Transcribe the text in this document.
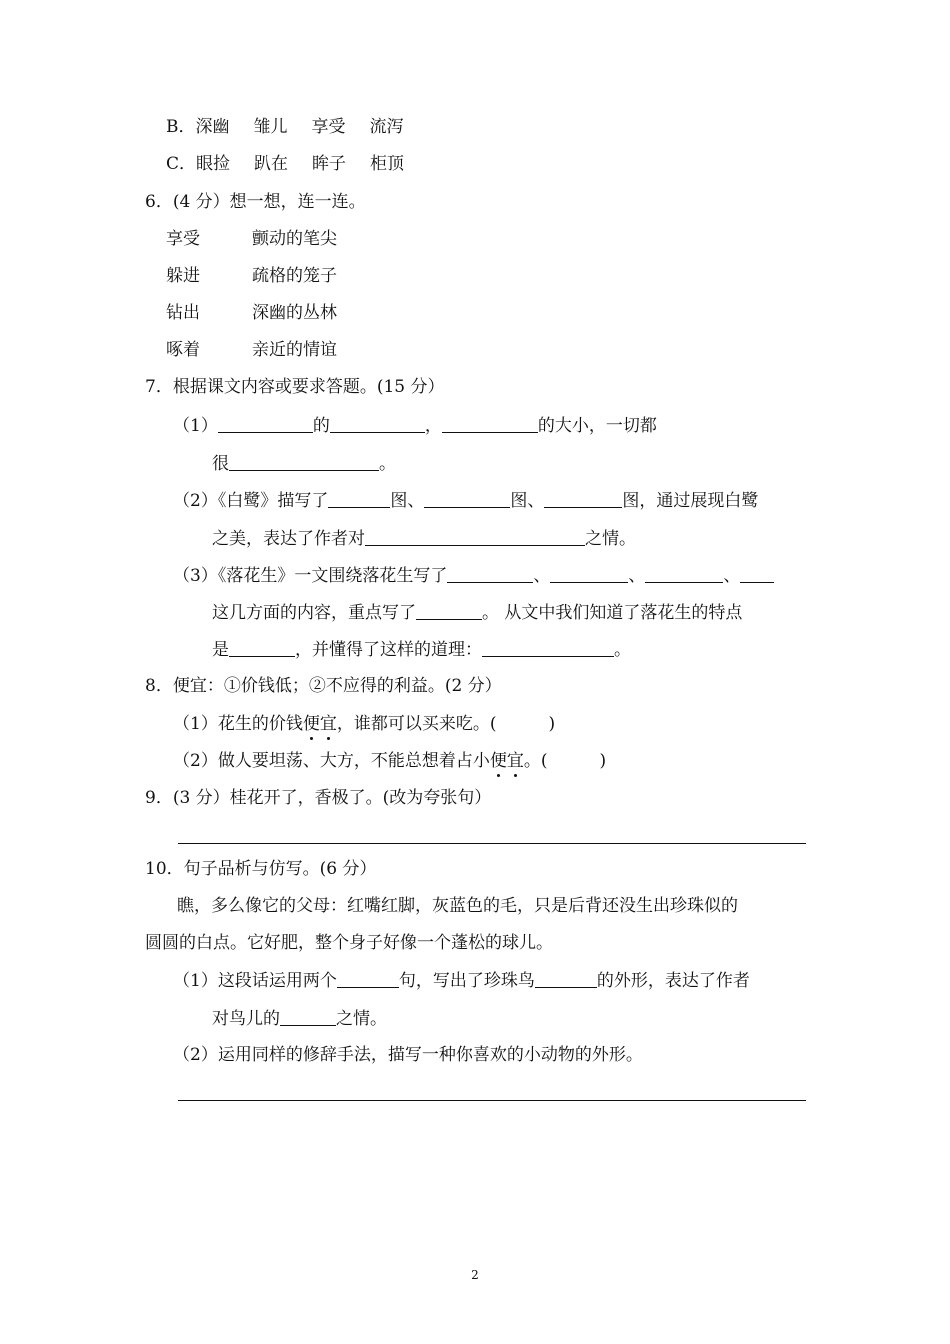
B．深幽 雏儿 享受 流泻
C．眼捡 趴在 眸子 柜顶
6．(4 分）想一想，连一连。
享受	颤动的笔尖
躲进	疏格的笼子
钻出	深幽的丛林
啄着	亲近的情谊
7．根据课文内容或要求答题。(15 分）
（1）	的	，	的大小，一切都
很	。
（2）《白鹭》描写了	图、	图、	图，通过展现白鹭
之美，表达了作者对	之情。
（3）《落花生》一文围绕落花生写了	、	、	、
这几方面的内容，重点写了	。 从文中我们知道了落花生的特点
是	，并懂得了这样的道理：	。
8．便宜：①价钱低；②不应得的利益。(2 分）
（1）花生的价钱便宜，谁都可以买来吃。(	)
（2）做人要坦荡、大方，不能总想着占小便宜。(	)
9．(3 分）桂花开了，香极了。(改为夸张句）
10．句子品析与仿写。(6 分）
瞧，多么像它的父母：红嘴红脚，灰蓝色的毛，只是后背还没生出珍珠似的
圆圆的白点。它好肥，整个身子好像一个蓬松的球儿。
（1）这段话运用两个	句，写出了珍珠鸟	的外形，表达了作者
对鸟儿的	之情。
（2）运用同样的修辞手法，描写一种你喜欢的小动物的外形。
2
